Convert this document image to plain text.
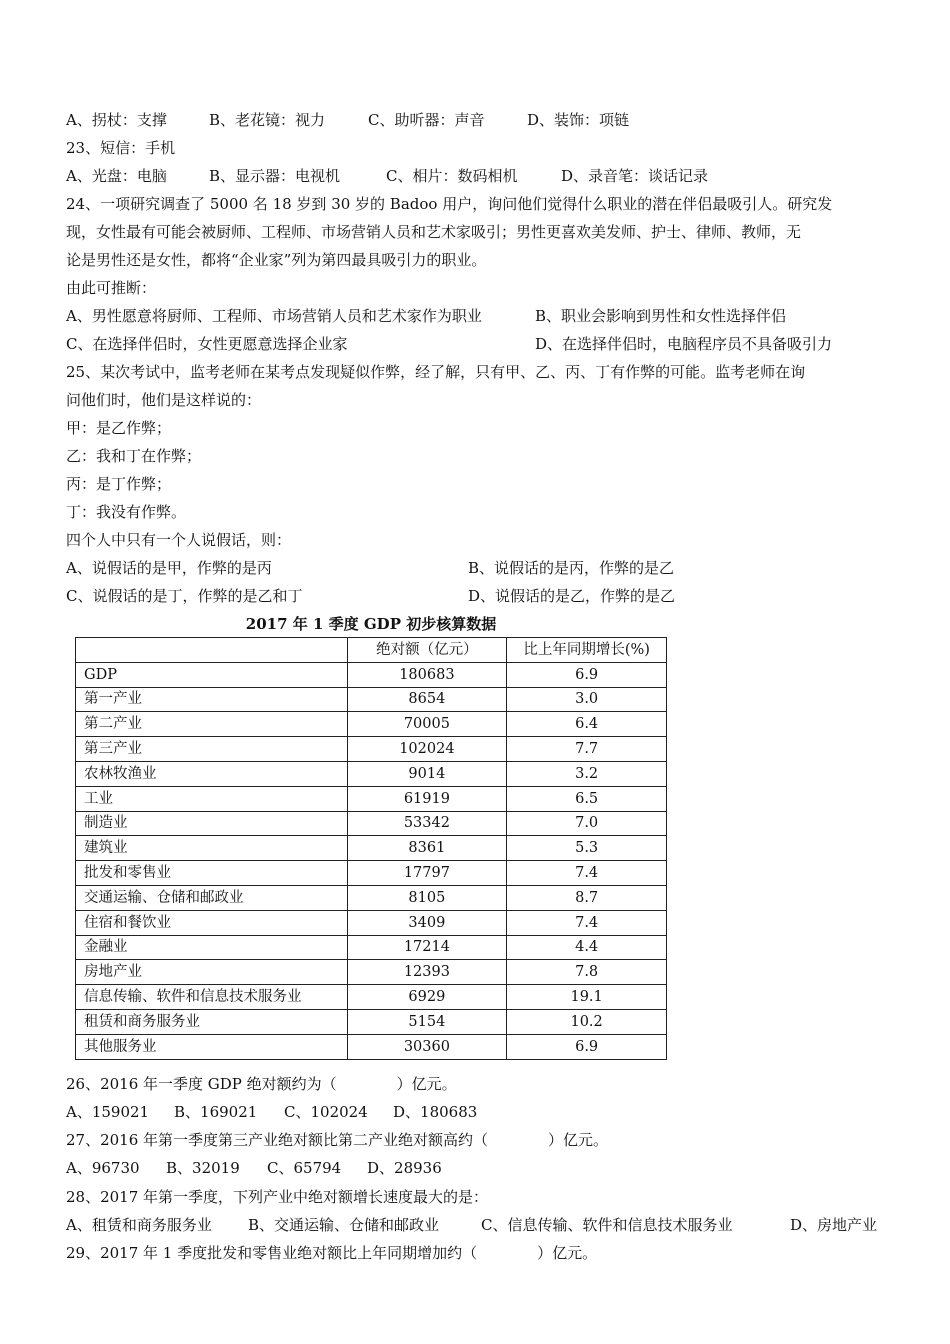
A、拐杖：支撑	B、老花镜：视力	C、助听器：声音	D、装饰：项链
23、短信：手机
A、光盘：电脑	B、显示器：电视机	C、相片：数码相机	D、录音笔：谈话记录
24、一项研究调查了 5000 名 18 岁到 30 岁的 Badoo 用户，询问他们觉得什么职业的潜在伴侣最吸引人。研究发
现，女性最有可能会被厨师、工程师、市场营销人员和艺术家吸引；男性更喜欢美发师、护士、律师、教师，无
论是男性还是女性，都将“企业家”列为第四最具吸引力的职业。
由此可推断：
A、男性愿意将厨师、工程师、市场营销人员和艺术家作为职业	B、职业会影响到男性和女性选择伴侣
C、在选择伴侣时，女性更愿意选择企业家	D、在选择伴侣时，电脑程序员不具备吸引力
25、某次考试中，监考老师在某考点发现疑似作弊，经了解，只有甲、乙、丙、丁有作弊的可能。监考老师在询
问他们时，他们是这样说的：
甲：是乙作弊；
乙：我和丁在作弊；
丙：是丁作弊；
丁：我没有作弊。
四个人中只有一个人说假话，则：
A、说假话的是甲，作弊的是丙	B、说假话的是丙，作弊的是乙
C、说假话的是丁，作弊的是乙和丁	D、说假话的是乙，作弊的是乙
2017 年 1 季度 GDP 初步核算数据
	绝对额（亿元）	比上年同期增长(%)
GDP	180683	6.9
第一产业	8654	3.0
第二产业	70005	6.4
第三产业	102024	7.7
农林牧渔业	9014	3.2
工业	61919	6.5
制造业	53342	7.0
建筑业	8361	5.3
批发和零售业	17797	7.4
交通运输、仓储和邮政业	8105	8.7
住宿和餐饮业	3409	7.4
金融业	17214	4.4
房地产业	12393	7.8
信息传输、软件和信息技术服务业	6929	19.1
租赁和商务服务业	5154	10.2
其他服务业	30360	6.9
26、2016 年一季度 GDP 绝对额约为（　　　　）亿元。
A、159021 B、169021 C、102024 D、180683
27、2016 年第一季度第三产业绝对额比第二产业绝对额高约（　　　　）亿元。
A、96730 B、32019 C、65794 D、28936
28、2017 年第一季度，下列产业中绝对额增长速度最大的是：
A、租赁和商务服务业 B、交通运输、仓储和邮政业	C、信息传输、软件和信息技术服务业	D、房地产业
29、2017 年 1 季度批发和零售业绝对额比上年同期增加约（　　　　）亿元。
